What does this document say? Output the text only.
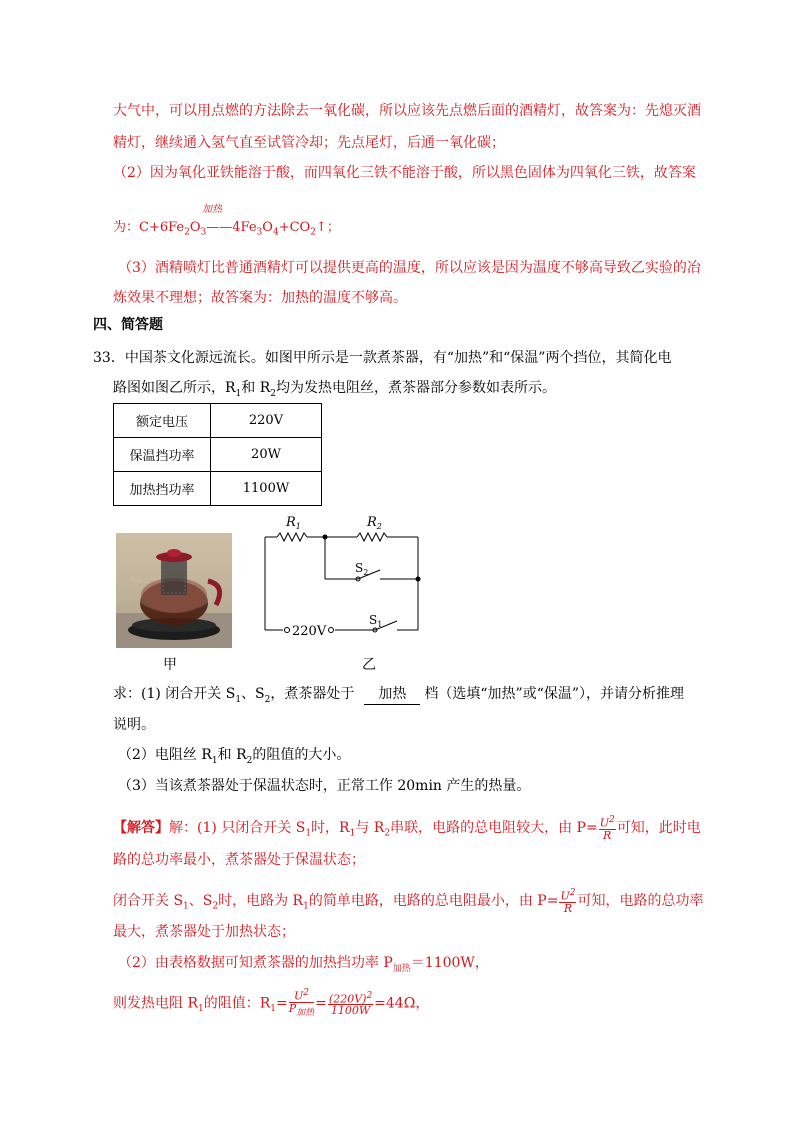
大气中，可以用点燃的方法除去一氧化碳，所以应该先点燃后面的酒精灯，故答案为：先熄灭酒
精灯，继续通入氢气直至试管冷却；先点尾灯，后通一氧化碳；
（2）因为氧化亚铁能溶于酸，而四氧化三铁不能溶于酸，所以黑色固体为四氧化三铁，故答案
加热
为：$C+6Fe_2O_3——4Fe_3O_4+CO_2↑$；
（3）酒精喷灯比普通酒精灯可以提供更高的温度，所以应该是因为温度不够高导致乙实验的冶
炼效果不理想；故答案为：加热的温度不够高。
四、简答题
33．中国茶文化源远流长。如图甲所示是一款煮茶器，有“加热”和“保温”两个挡位，其简化电
路图如图乙所示，$R_1$和 $R_2$均为发热电阻丝，煮茶器部分参数如表所示。
额定电压	220V
保温挡功率	20W
加热挡功率	1100W
甲
$R_1$	$R_2$
$S_2$
$S_1$
220V
乙
求：(1) 闭合开关 $S_1$、$S_2$，煮茶器处于 加热 档（选填“加热”或“保温”），并请分析推理
说明。
（2）电阻丝 $R_1$和 $R_2$的阻值的大小。
（3）当该煮茶器处于保温状态时，正常工作 20min 产生的热量。
【解答】解：(1) 只闭合开关 $S_1$时，$R_1$与 $R_2$串联，电路的总电阻较大，由 $P= \frac{U^2}{R}$ 可知，此时电
路的总功率最小，煮茶器处于保温状态；
闭合开关 $S_1$、$S_2$时，电路为 $R_1$的简单电路，电路的总电阻最小，由 $P= \frac{U^2}{R}$ 可知，电路的总功率
最大，煮茶器处于加热状态；
（2）由表格数据可知煮茶器的加热挡功率 $P_{加热}=1100W$，
则发热电阻 $R_1$的阻值：$R_1= \frac{U^2}{P_{加热}} = \frac{(220V)^2}{1100W} =44\Omega$，
